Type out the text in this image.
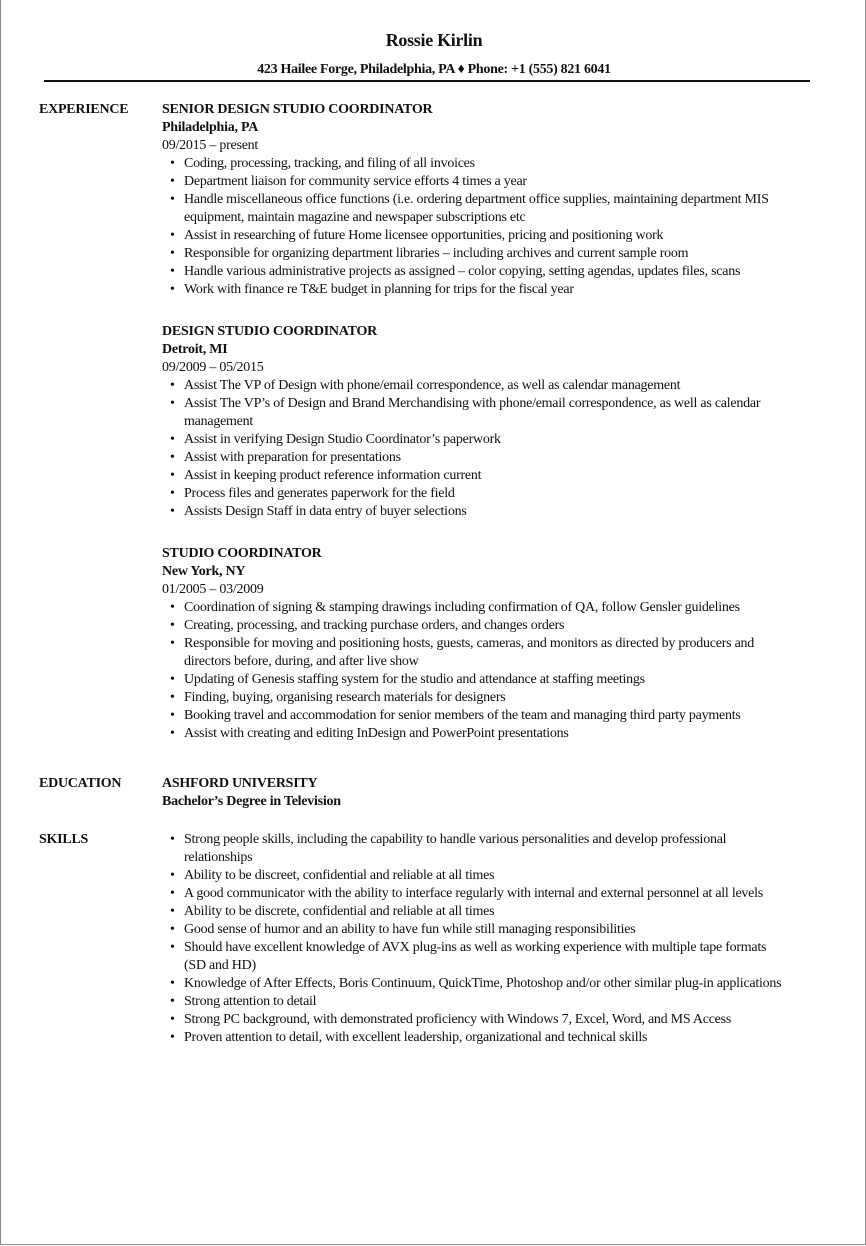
Rossie Kirlin
423 Hailee Forge, Philadelphia, PA ♦ Phone: +1 (555) 821 6041
EXPERIENCE	SENIOR DESIGN STUDIO COORDINATOR
Philadelphia, PA
09/2015 – present
• Coding, processing, tracking, and filing of all invoices
• Department liaison for community service efforts 4 times a year
• Handle miscellaneous office functions (i.e. ordering department office supplies, maintaining department MIS equipment, maintain magazine and newspaper subscriptions etc
• Assist in researching of future Home licensee opportunities, pricing and positioning work
• Responsible for organizing department libraries – including archives and current sample room
• Handle various administrative projects as assigned – color copying, setting agendas, updates files, scans
• Work with finance re T&E budget in planning for trips for the fiscal year
DESIGN STUDIO COORDINATOR
Detroit, MI
09/2009 – 05/2015
• Assist The VP of Design with phone/email correspondence, as well as calendar management
• Assist The VP’s of Design and Brand Merchandising with phone/email correspondence, as well as calendar management
• Assist in verifying Design Studio Coordinator’s paperwork
• Assist with preparation for presentations
• Assist in keeping product reference information current
• Process files and generates paperwork for the field
• Assists Design Staff in data entry of buyer selections
STUDIO COORDINATOR
New York, NY
01/2005 – 03/2009
• Coordination of signing & stamping drawings including confirmation of QA, follow Gensler guidelines
• Creating, processing, and tracking purchase orders, and changes orders
• Responsible for moving and positioning hosts, guests, cameras, and monitors as directed by producers and directors before, during, and after live show
• Updating of Genesis staffing system for the studio and attendance at staffing meetings
• Finding, buying, organising research materials for designers
• Booking travel and accommodation for senior members of the team and managing third party payments
• Assist with creating and editing InDesign and PowerPoint presentations
EDUCATION	ASHFORD UNIVERSITY
Bachelor’s Degree in Television
SKILLS	• Strong people skills, including the capability to handle various personalities and develop professional relationships
• Ability to be discreet, confidential and reliable at all times
• A good communicator with the ability to interface regularly with internal and external personnel at all levels
• Ability to be discrete, confidential and reliable at all times
• Good sense of humor and an ability to have fun while still managing responsibilities
• Should have excellent knowledge of AVX plug-ins as well as working experience with multiple tape formats (SD and HD)
• Knowledge of After Effects, Boris Continuum, QuickTime, Photoshop and/or other similar plug-in applications
• Strong attention to detail
• Strong PC background, with demonstrated proficiency with Windows 7, Excel, Word, and MS Access
• Proven attention to detail, with excellent leadership, organizational and technical skills
